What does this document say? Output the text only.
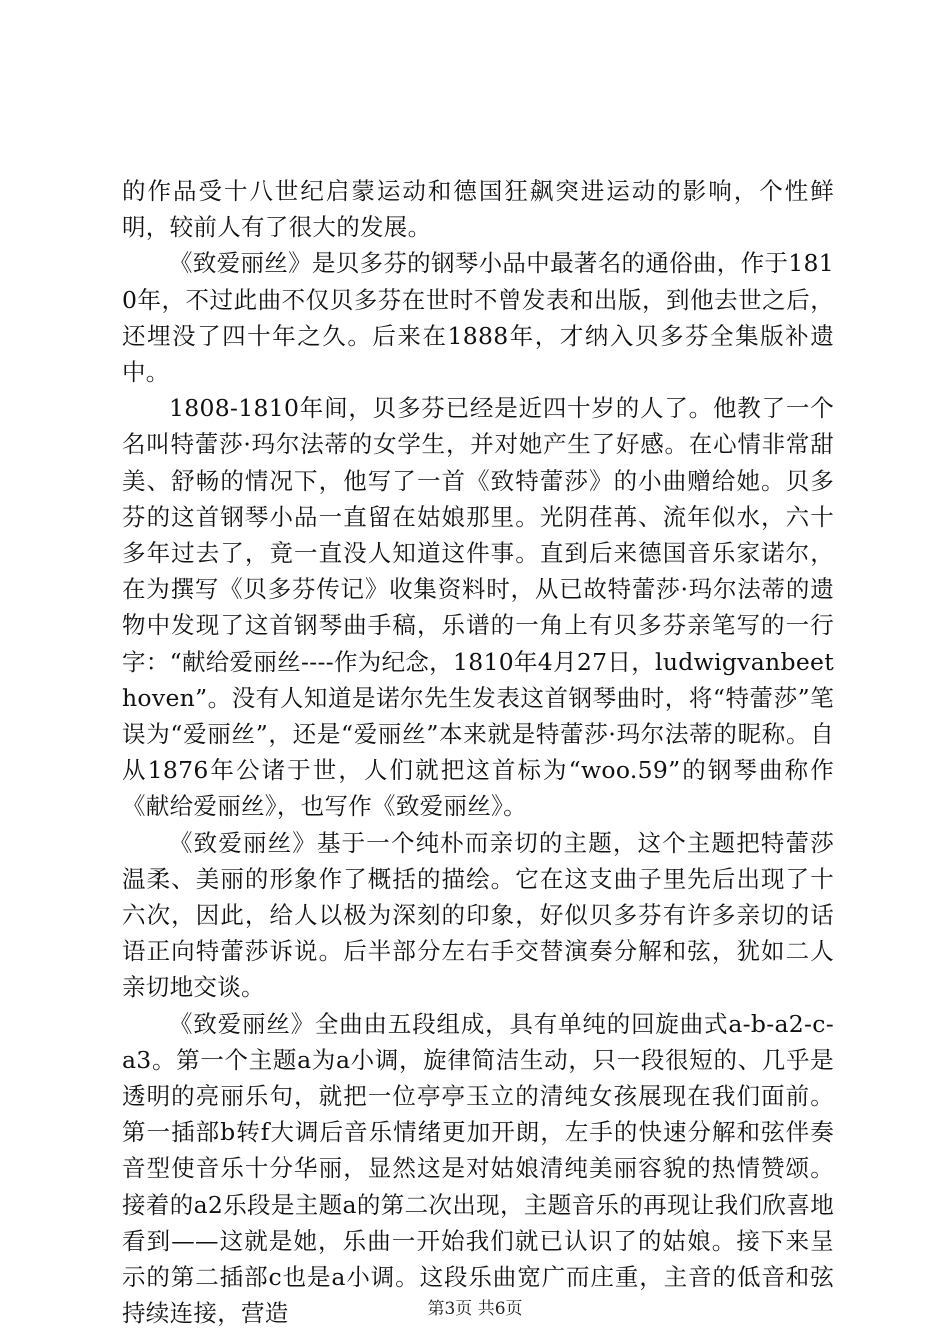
的作品受十八世纪启蒙运动和德国狂飙突进运动的影响，个性鲜明，较前人有了很大的发展。

《致爱丽丝》是贝多芬的钢琴小品中最著名的通俗曲，作于1810年，不过此曲不仅贝多芬在世时不曾发表和出版，到他去世之后，还埋没了四十年之久。后来在1888年，才纳入贝多芬全集版补遗中。

1808-1810年间，贝多芬已经是近四十岁的人了。他教了一个名叫特蕾莎·玛尔法蒂的女学生，并对她产生了好感。在心情非常甜美、舒畅的情况下，他写了一首《致特蕾莎》的小曲赠给她。贝多芬的这首钢琴小品一直留在姑娘那里。光阴荏苒、流年似水，六十多年过去了，竟一直没人知道这件事。直到后来德国音乐家诺尔，在为撰写《贝多芬传记》收集资料时，从已故特蕾莎·玛尔法蒂的遗物中发现了这首钢琴曲手稿，乐谱的一角上有贝多芬亲笔写的一行字：“献给爱丽丝----作为纪念，1810年4月27日，ludwigvanbeethoven”。没有人知道是诺尔先生发表这首钢琴曲时，将“特蕾莎”笔误为“爱丽丝”，还是“爱丽丝”本来就是特蕾莎·玛尔法蒂的昵称。自从1876年公诸于世，人们就把这首标为“woo.59”的钢琴曲称作《献给爱丽丝》，也写作《致爱丽丝》。

《致爱丽丝》基于一个纯朴而亲切的主题，这个主题把特蕾莎温柔、美丽的形象作了概括的描绘。它在这支曲子里先后出现了十六次，因此，给人以极为深刻的印象，好似贝多芬有许多亲切的话语正向特蕾莎诉说。后半部分左右手交替演奏分解和弦，犹如二人亲切地交谈。

《致爱丽丝》全曲由五段组成，具有单纯的回旋曲式a-b-a2-c-a3。第一个主题a为a小调，旋律简洁生动，只一段很短的、几乎是透明的亮丽乐句，就把一位亭亭玉立的清纯女孩展现在我们面前。第一插部b转f大调后音乐情绪更加开朗，左手的快速分解和弦伴奏音型使音乐十分华丽，显然这是对姑娘清纯美丽容貌的热情赞颂。接着的a2乐段是主题a的第二次出现，主题音乐的再现让我们欣喜地看到——这就是她，乐曲一开始我们就已认识了的姑娘。接下来呈示的第二插部c也是a小调。这段乐曲宽广而庄重，主音的低音和弦持续连接，营造	第3页 共6页
